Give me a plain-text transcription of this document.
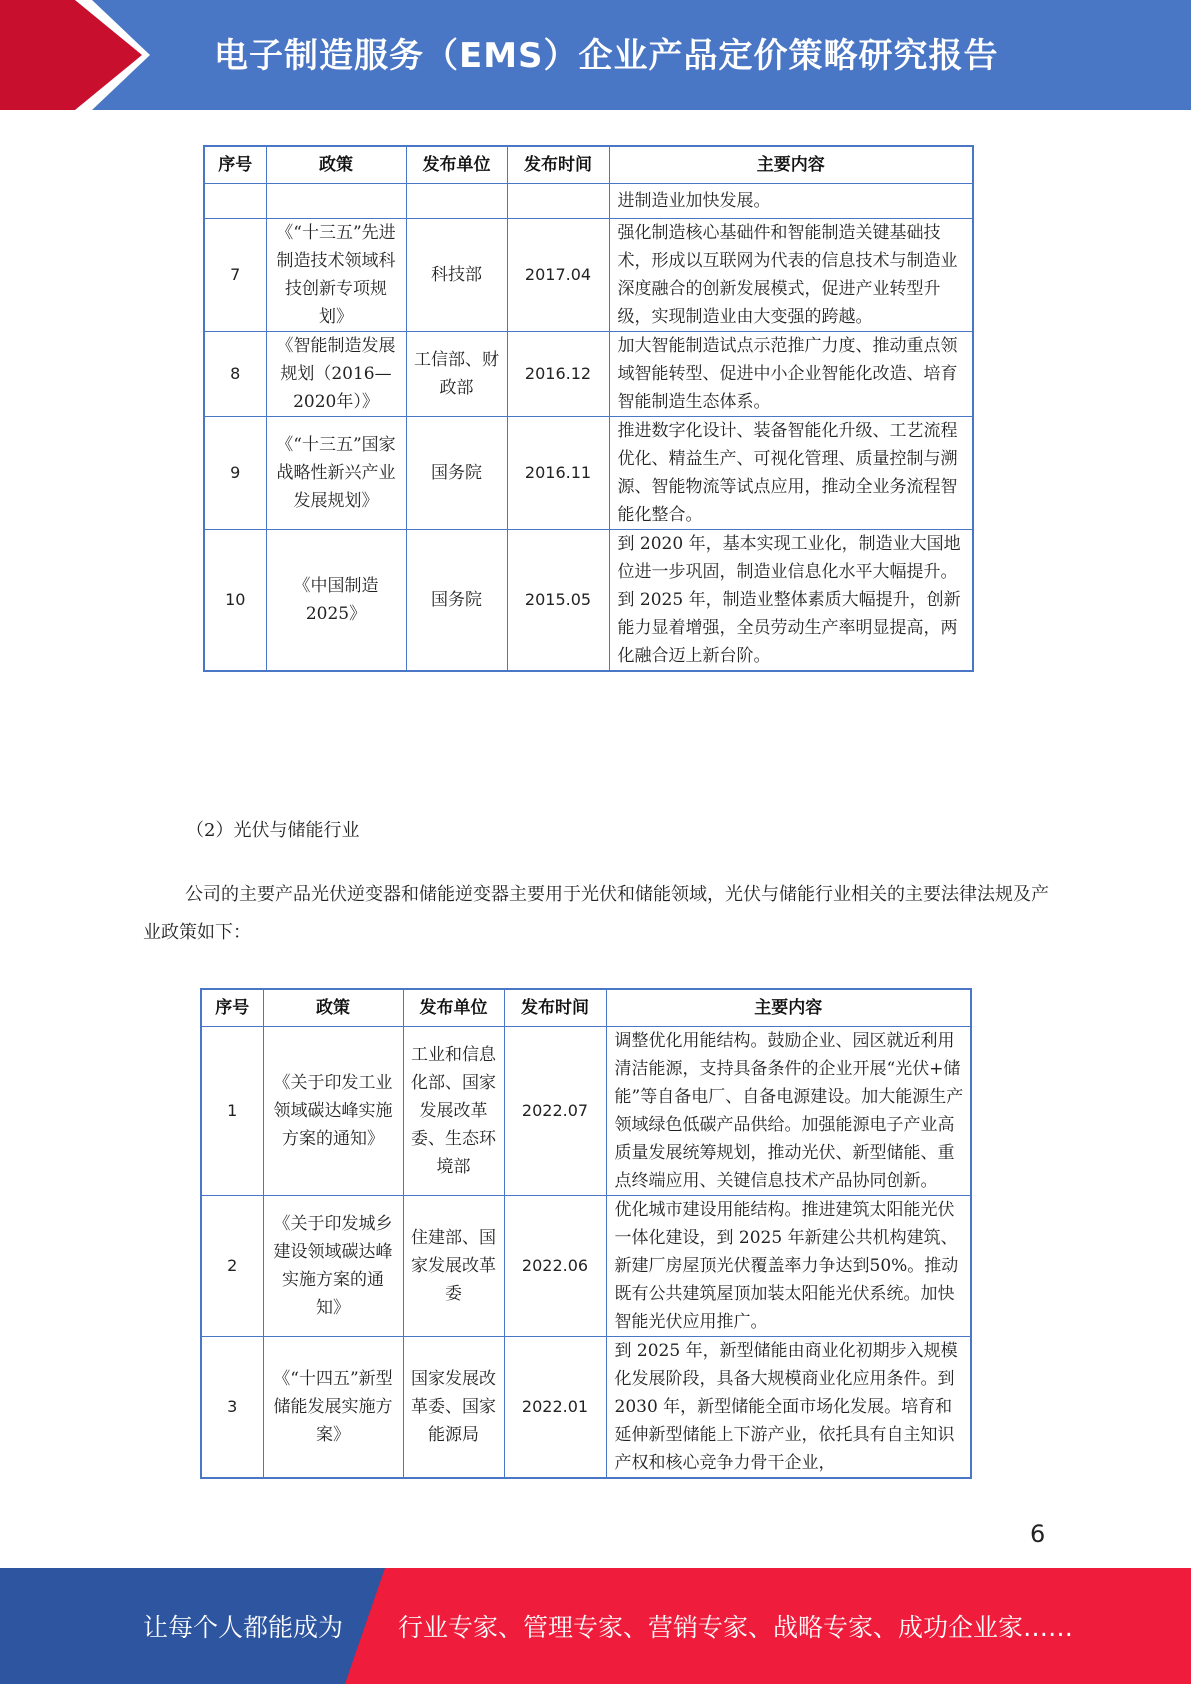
电子制造服务（EMS）企业产品定价策略研究报告
序号	政策	发布单位	发布时间	主要内容
				进制造业加快发展。
7	《“十三五”先进制造技术领域科技创新专项规划》	科技部	2017.04	强化制造核心基础件和智能制造关键基础技术，形成以互联网为代表的信息技术与制造业深度融合的创新发展模式，促进产业转型升级，实现制造业由大变强的跨越。
8	《智能制造发展规划（2016—2020年）》	工信部、财政部	2016.12	加大智能制造试点示范推广力度、推动重点领域智能转型、促进中小企业智能化改造、培育智能制造生态体系。
9	《“十三五”国家战略性新兴产业发展规划》	国务院	2016.11	推进数字化设计、装备智能化升级、工艺流程优化、精益生产、可视化管理、质量控制与溯源、智能物流等试点应用，推动全业务流程智能化整合。
10	《中国制造2025》	国务院	2015.05	到 2020 年，基本实现工业化，制造业大国地位进一步巩固，制造业信息化水平大幅提升。到 2025 年，制造业整体素质大幅提升，创新能力显着增强，全员劳动生产率明显提高，两化融合迈上新台阶。
（2）光伏与储能行业
公司的主要产品光伏逆变器和储能逆变器主要用于光伏和储能领域，光伏与储能行业相关的主要法律法规及产业政策如下：
序号	政策	发布单位	发布时间	主要内容
1	《关于印发工业领域碳达峰实施方案的通知》	工业和信息化部、国家发展改革委、生态环境部	2022.07	调整优化用能结构。鼓励企业、园区就近利用清洁能源，支持具备条件的企业开展“光伏+储能”等自备电厂、自备电源建设。加大能源生产领域绿色低碳产品供给。加强能源电子产业高质量发展统筹规划，推动光伏、新型储能、重点终端应用、关键信息技术产品协同创新。
2	《关于印发城乡建设领域碳达峰实施方案的通知》	住建部、国家发展改革委	2022.06	优化城市建设用能结构。推进建筑太阳能光伏一体化建设，到 2025 年新建公共机构建筑、新建厂房屋顶光伏覆盖率力争达到50%。推动既有公共建筑屋顶加装太阳能光伏系统。加快智能光伏应用推广。
3	《“十四五”新型储能发展实施方案》	国家发展改革委、国家能源局	2022.01	到 2025 年，新型储能由商业化初期步入规模化发展阶段，具备大规模商业化应用条件。到 2030 年，新型储能全面市场化发展。培育和延伸新型储能上下游产业，依托具有自主知识产权和核心竞争力骨干企业，
6
让每个人都能成为 行业专家、管理专家、营销专家、战略专家、成功企业家……
